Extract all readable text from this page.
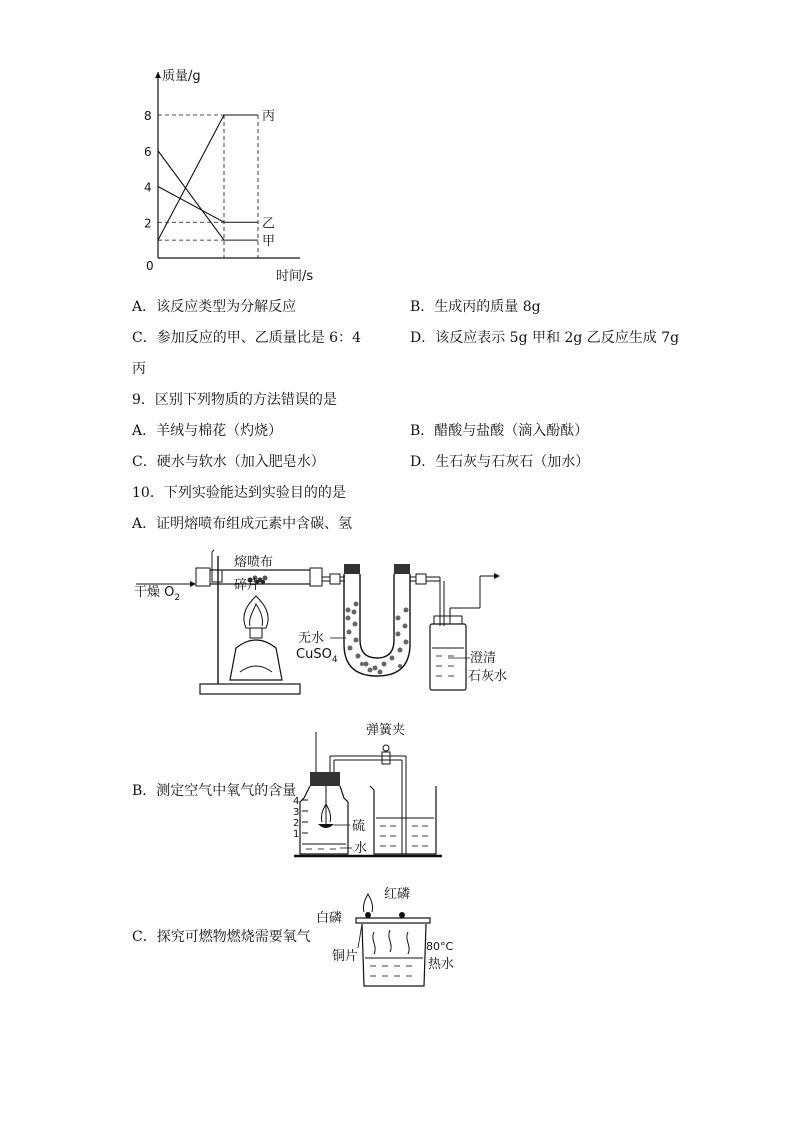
质量/g
时间/s
0
2
4
6
8	丙
乙
甲
A．该反应类型为分解反应	B．生成丙的质量 8g
C．参加反应的甲、乙质量比是 6：4	D．该反应表示 5g 甲和 2g 乙反应生成 7g
丙
9．区别下列物质的方法错误的是
A．羊绒与棉花（灼烧）	B．醋酸与盐酸（滴入酚酞）
C．硬水与软水（加入肥皂水）	D．生石灰与石灰石（加水）
10．下列实验能达到实验目的的是
A．证明熔喷布组成元素中含碳、氢
干燥 $O_2$
熔喷布
无水
CuSO$_4$	澄清
石灰水
碎片
B．测定空气中氧气的含量
弹簧夹
硫
水
4
3
2
1
C．探究可燃物燃烧需要氧气
红磷
白磷
铜片
80°C
热水
